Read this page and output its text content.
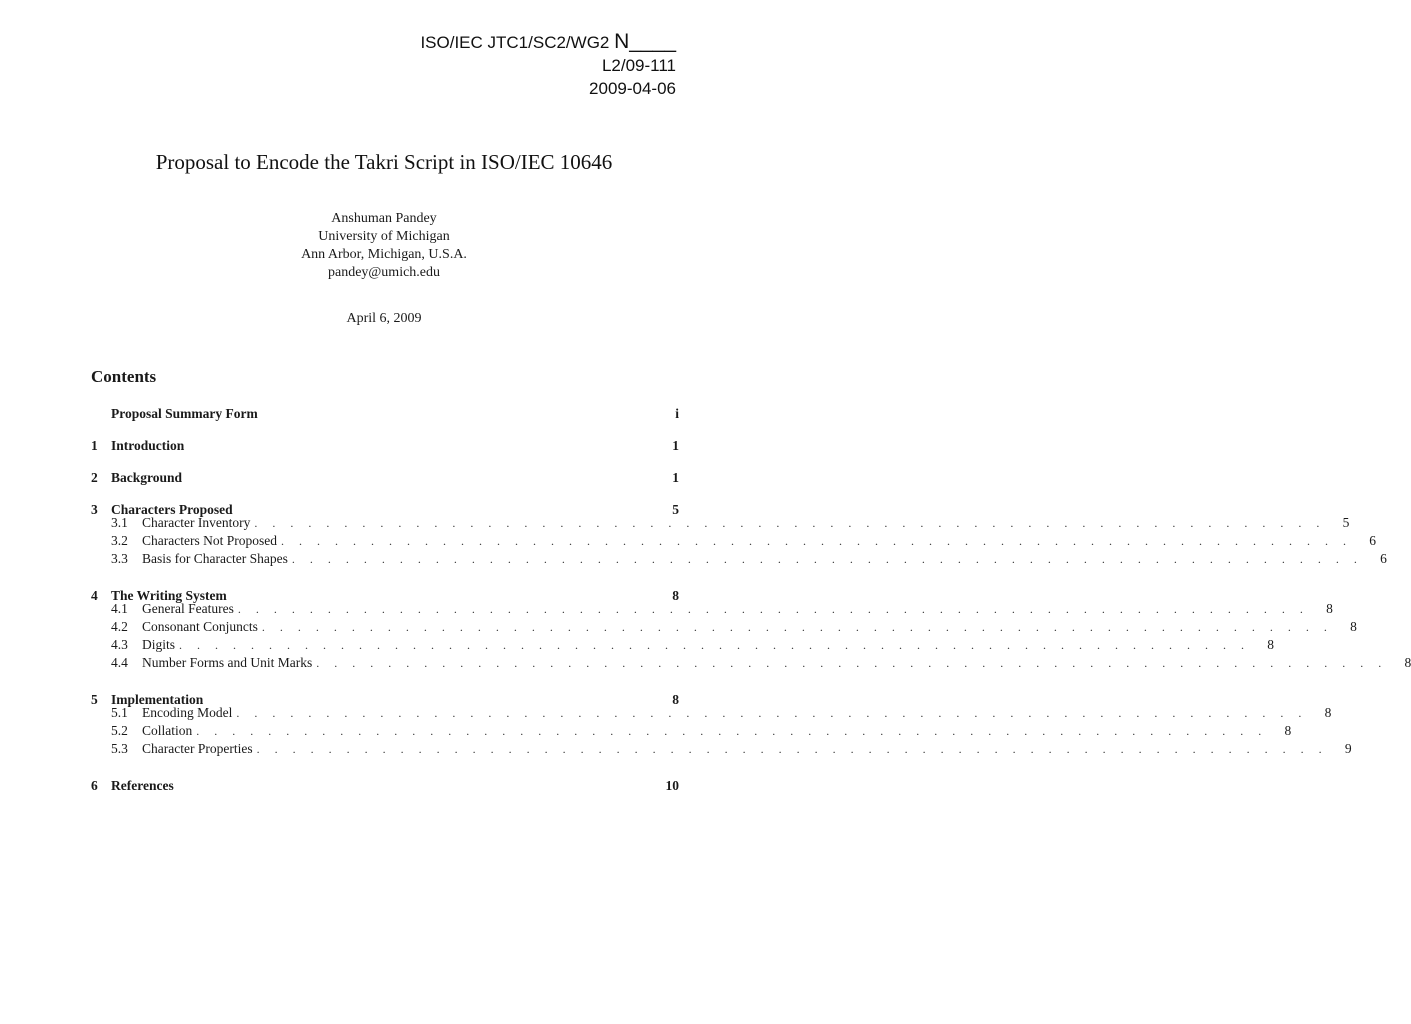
ISO/IEC JTC1/SC2/WG2 N____
L2/09-111
2009-04-06
Proposal to Encode the Takri Script in ISO/IEC 10646
Anshuman Pandey
University of Michigan
Ann Arbor, Michigan, U.S.A.
pandey@umich.edu
April 6, 2009
Contents
Proposal Summary Form	i
1 Introduction	1
2 Background	1
3 Characters Proposed	5
3.1	Character Inventory . . . . . . . . . . . . . . . . . . . . . . . . . . . . . . . . . . . . . . . . . . . . . . . . . . . . . . . . . . . .	5
3.2	Characters Not Proposed . . . . . . . . . . . . . . . . . . . . . . . . . . . . . . . . . . . . . . . . . . . . . . . . . . . . . . . . . . . .	6
3.3	Basis for Character Shapes . . . . . . . . . . . . . . . . . . . . . . . . . . . . . . . . . . . . . . . . . . . . . . . . . . . . . . . . . . . .	6
4 The Writing System	8
4.1	General Features . . . . . . . . . . . . . . . . . . . . . . . . . . . . . . . . . . . . . . . . . . . . . . . . . . . . . . . . . . . .	8
4.2	Consonant Conjuncts . . . . . . . . . . . . . . . . . . . . . . . . . . . . . . . . . . . . . . . . . . . . . . . . . . . . . . . . . . . .	8
4.3	Digits . . . . . . . . . . . . . . . . . . . . . . . . . . . . . . . . . . . . . . . . . . . . . . . . . . . . . . . . . . . .	8
4.4	Number Forms and Unit Marks . . . . . . . . . . . . . . . . . . . . . . . . . . . . . . . . . . . . . . . . . . . . . . . . . . . . . . . . . . . .	8
5 Implementation	8
5.1	Encoding Model . . . . . . . . . . . . . . . . . . . . . . . . . . . . . . . . . . . . . . . . . . . . . . . . . . . . . . . . . . . .	8
5.2	Collation . . . . . . . . . . . . . . . . . . . . . . . . . . . . . . . . . . . . . . . . . . . . . . . . . . . . . . . . . . . .	8
5.3	Character Properties . . . . . . . . . . . . . . . . . . . . . . . . . . . . . . . . . . . . . . . . . . . . . . . . . . . . . . . . . . . .	9
6 References	10
